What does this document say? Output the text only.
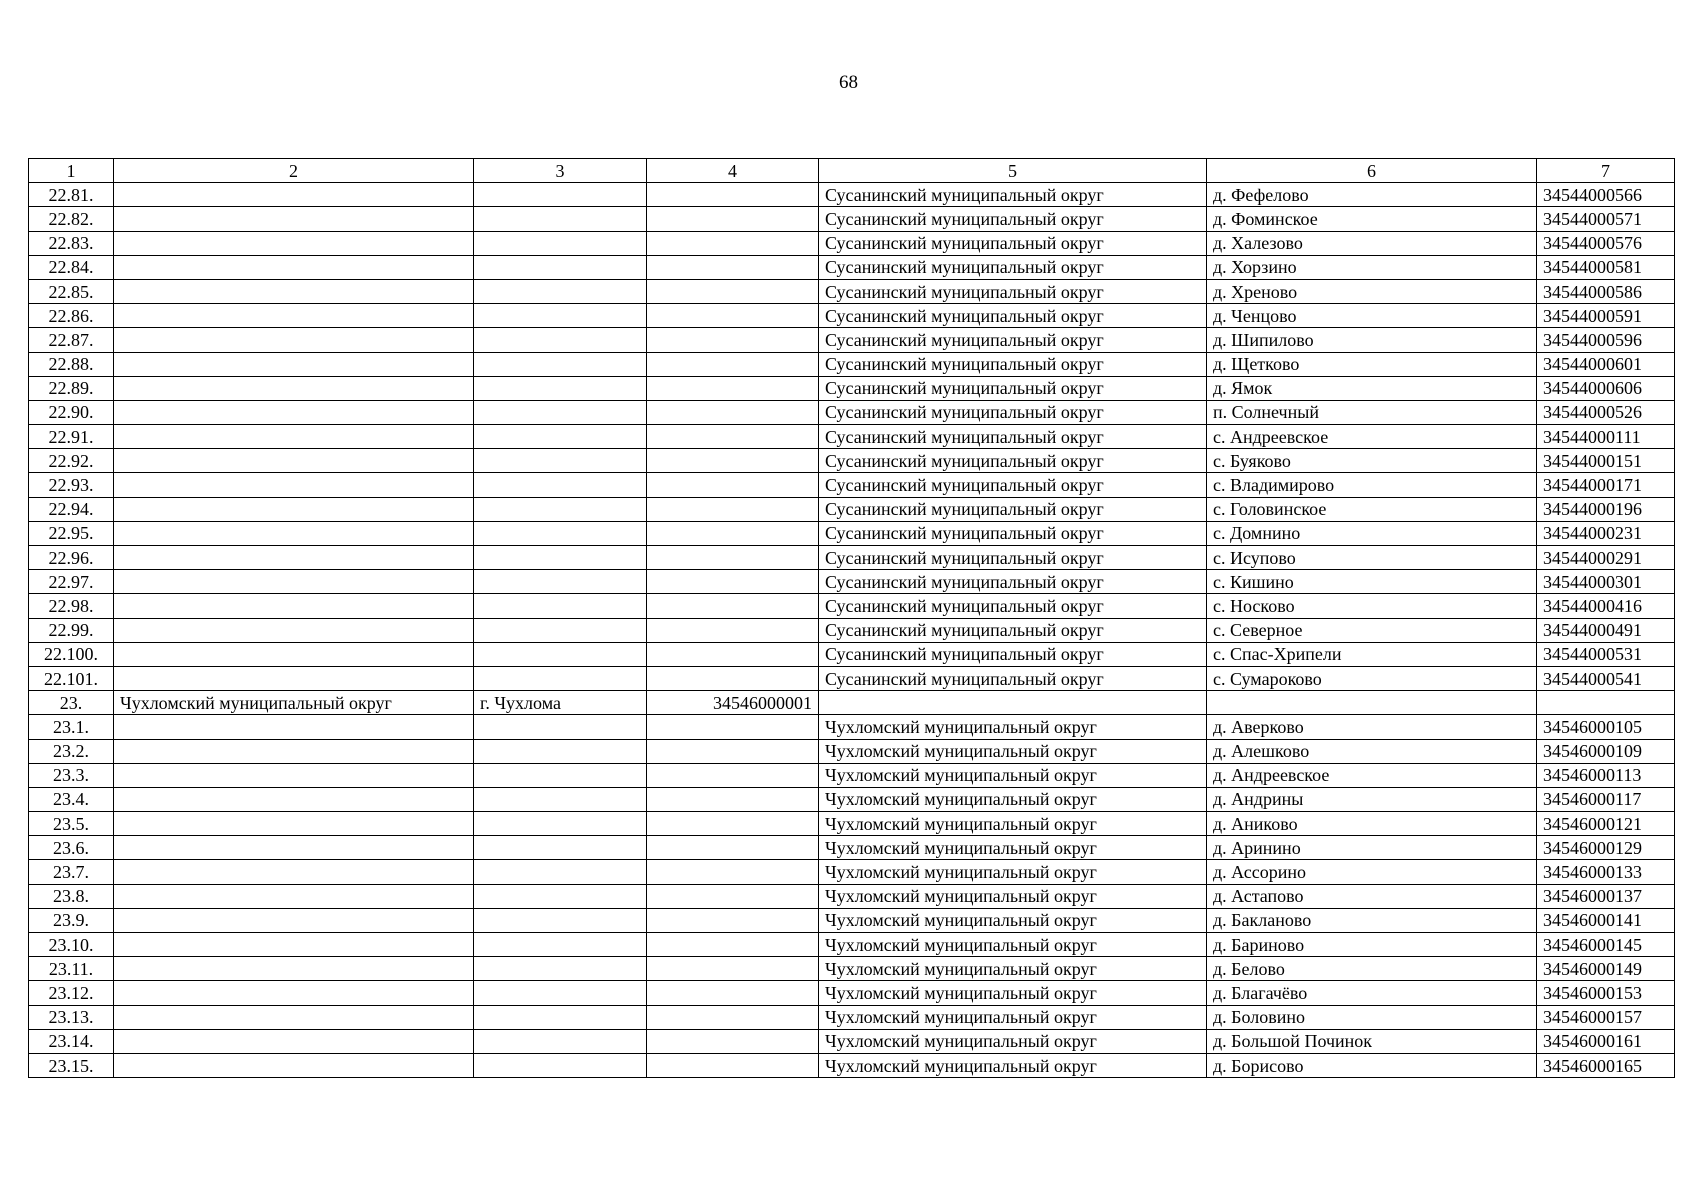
68
1	2	3	4	5	6	7
22.81.				Сусанинский муниципальный округ	д. Фефелово	34544000566
22.82.				Сусанинский муниципальный округ	д. Фоминское	34544000571
22.83.				Сусанинский муниципальный округ	д. Халезово	34544000576
22.84.				Сусанинский муниципальный округ	д. Хорзино	34544000581
22.85.				Сусанинский муниципальный округ	д. Хреново	34544000586
22.86.				Сусанинский муниципальный округ	д. Ченцово	34544000591
22.87.				Сусанинский муниципальный округ	д. Шипилово	34544000596
22.88.				Сусанинский муниципальный округ	д. Щетково	34544000601
22.89.				Сусанинский муниципальный округ	д. Ямок	34544000606
22.90.				Сусанинский муниципальный округ	п. Солнечный	34544000526
22.91.				Сусанинский муниципальный округ	с. Андреевское	34544000111
22.92.				Сусанинский муниципальный округ	с. Буяково	34544000151
22.93.				Сусанинский муниципальный округ	с. Владимирово	34544000171
22.94.				Сусанинский муниципальный округ	с. Головинское	34544000196
22.95.				Сусанинский муниципальный округ	с. Домнино	34544000231
22.96.				Сусанинский муниципальный округ	с. Исупово	34544000291
22.97.				Сусанинский муниципальный округ	с. Кишино	34544000301
22.98.				Сусанинский муниципальный округ	с. Носково	34544000416
22.99.				Сусанинский муниципальный округ	с. Северное	34544000491
22.100.				Сусанинский муниципальный округ	с. Спас-Хрипели	34544000531
22.101.				Сусанинский муниципальный округ	с. Сумароково	34544000541
23.	Чухломский муниципальный округ	г. Чухлома	34546000001			
23.1.				Чухломский муниципальный округ	д. Аверково	34546000105
23.2.				Чухломский муниципальный округ	д. Алешково	34546000109
23.3.				Чухломский муниципальный округ	д. Андреевское	34546000113
23.4.				Чухломский муниципальный округ	д. Андрины	34546000117
23.5.				Чухломский муниципальный округ	д. Аниково	34546000121
23.6.				Чухломский муниципальный округ	д. Аринино	34546000129
23.7.				Чухломский муниципальный округ	д. Ассорино	34546000133
23.8.				Чухломский муниципальный округ	д. Астапово	34546000137
23.9.				Чухломский муниципальный округ	д. Бакланово	34546000141
23.10.				Чухломский муниципальный округ	д. Бариново	34546000145
23.11.				Чухломский муниципальный округ	д. Белово	34546000149
23.12.				Чухломский муниципальный округ	д. Благачёво	34546000153
23.13.				Чухломский муниципальный округ	д. Боловино	34546000157
23.14.				Чухломский муниципальный округ	д. Большой Починок	34546000161
23.15.				Чухломский муниципальный округ	д. Борисово	34546000165
